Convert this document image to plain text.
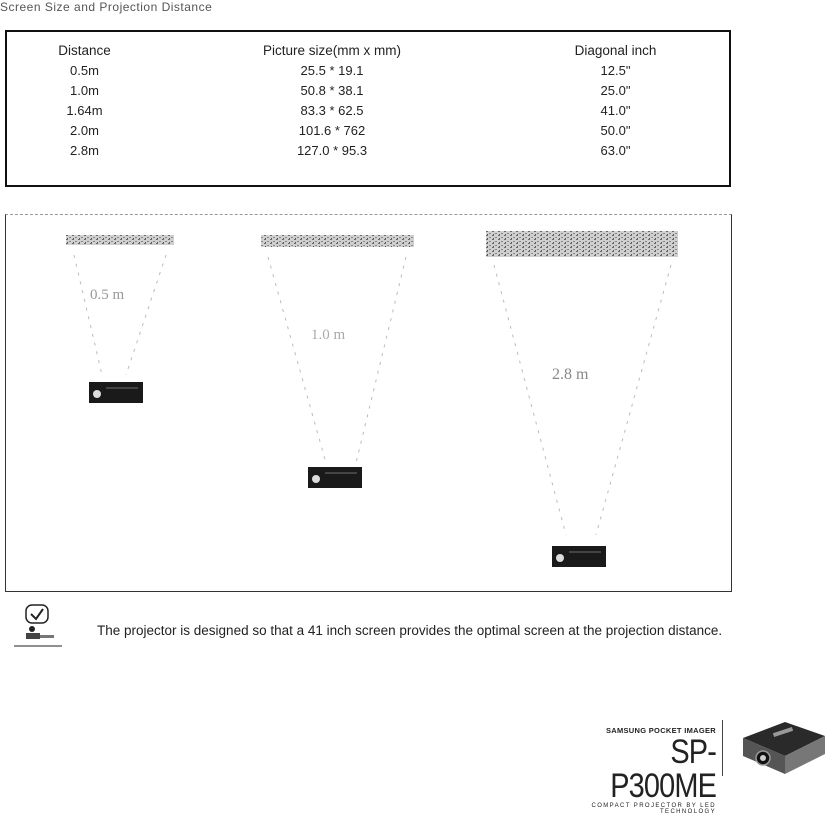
Screen Size and Projection Distance
Distance	Picture size(mm x mm)	Diagonal inch
0.5m	25.5 * 19.1	12.5"
1.0m	50.8 * 38.1	25.0"
1.64m	83.3 * 62.5	41.0"
2.0m	101.6 * 762	50.0"
2.8m	127.0 * 95.3	63.0"
0.5 m
1.0 m
2.8 m
The projector is designed so that a 41 inch screen provides the optimal screen at the projection distance.
SAMSUNG POCKET IMAGER
SP-P300ME
COMPACT PROJECTOR BY LED TECHNOLOGY
